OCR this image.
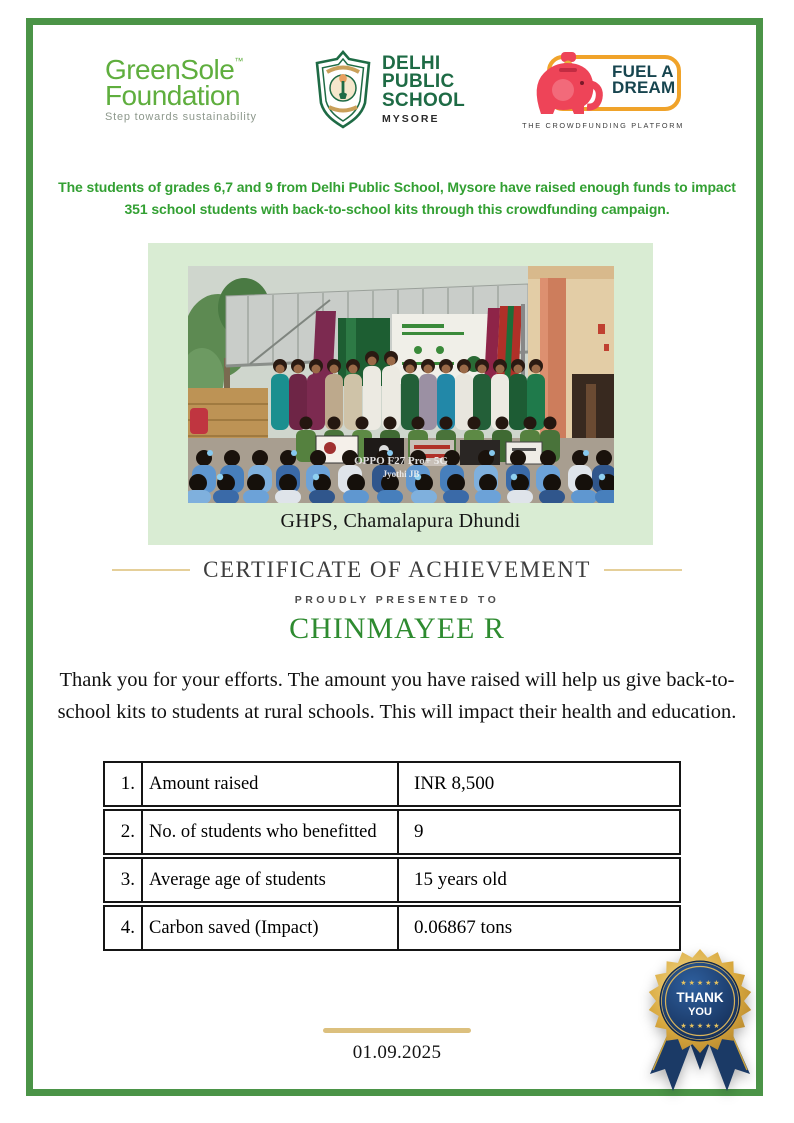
GreenSole™
Foundation
Step towards sustainability
DELHI
PUBLIC
SCHOOL
MYSORE
FUEL A
DREAM
THE CROWDFUNDING PLATFORM
The students of grades 6,7 and 9 from Delhi Public School, Mysore have raised enough funds to impact
351 school students with back-to-school kits through this crowdfunding campaign.
OPPO F27 Pro+ 5G
Jyothi JB
GHPS, Chamalapura Dhundi
CERTIFICATE OF ACHIEVEMENT
PROUDLY PRESENTED TO
CHINMAYEE R
Thank you for your efforts. The amount you have raised will help us give back-to-school kits to students at rural schools. This will impact their health and education.
1. Amount raised	INR 8,500
2. No. of students who benefitted	9
3. Average age of students	15 years old
4. Carbon saved (Impact)	0.06867 tons
01.09.2025
★ ★ ★ ★ ★
THANK
YOU
★ ★ ★ ★ ★
